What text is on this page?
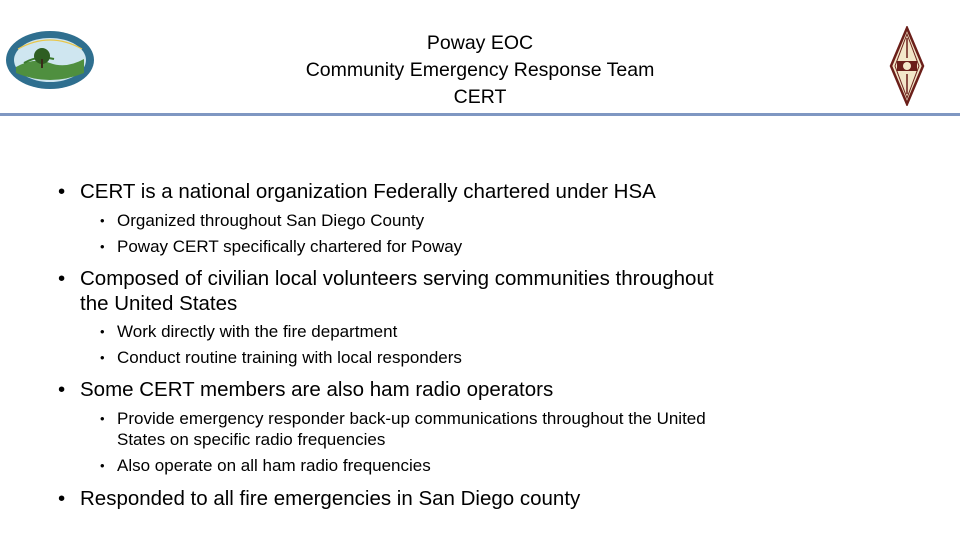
Poway EOC
Community Emergency Response Team
CERT
• CERT is a national organization Federally chartered under HSA
• Organized throughout San Diego County
• Poway CERT specifically chartered for Poway
• Composed of civilian local volunteers serving communities throughout
the United States
• Work directly with the fire department
• Conduct routine training with local responders
• Some CERT members are also ham radio operators
• Provide emergency responder back-up communications throughout the United
States on specific radio frequencies
• Also operate on all ham radio frequencies
• Responded to all fire emergencies in San Diego county
